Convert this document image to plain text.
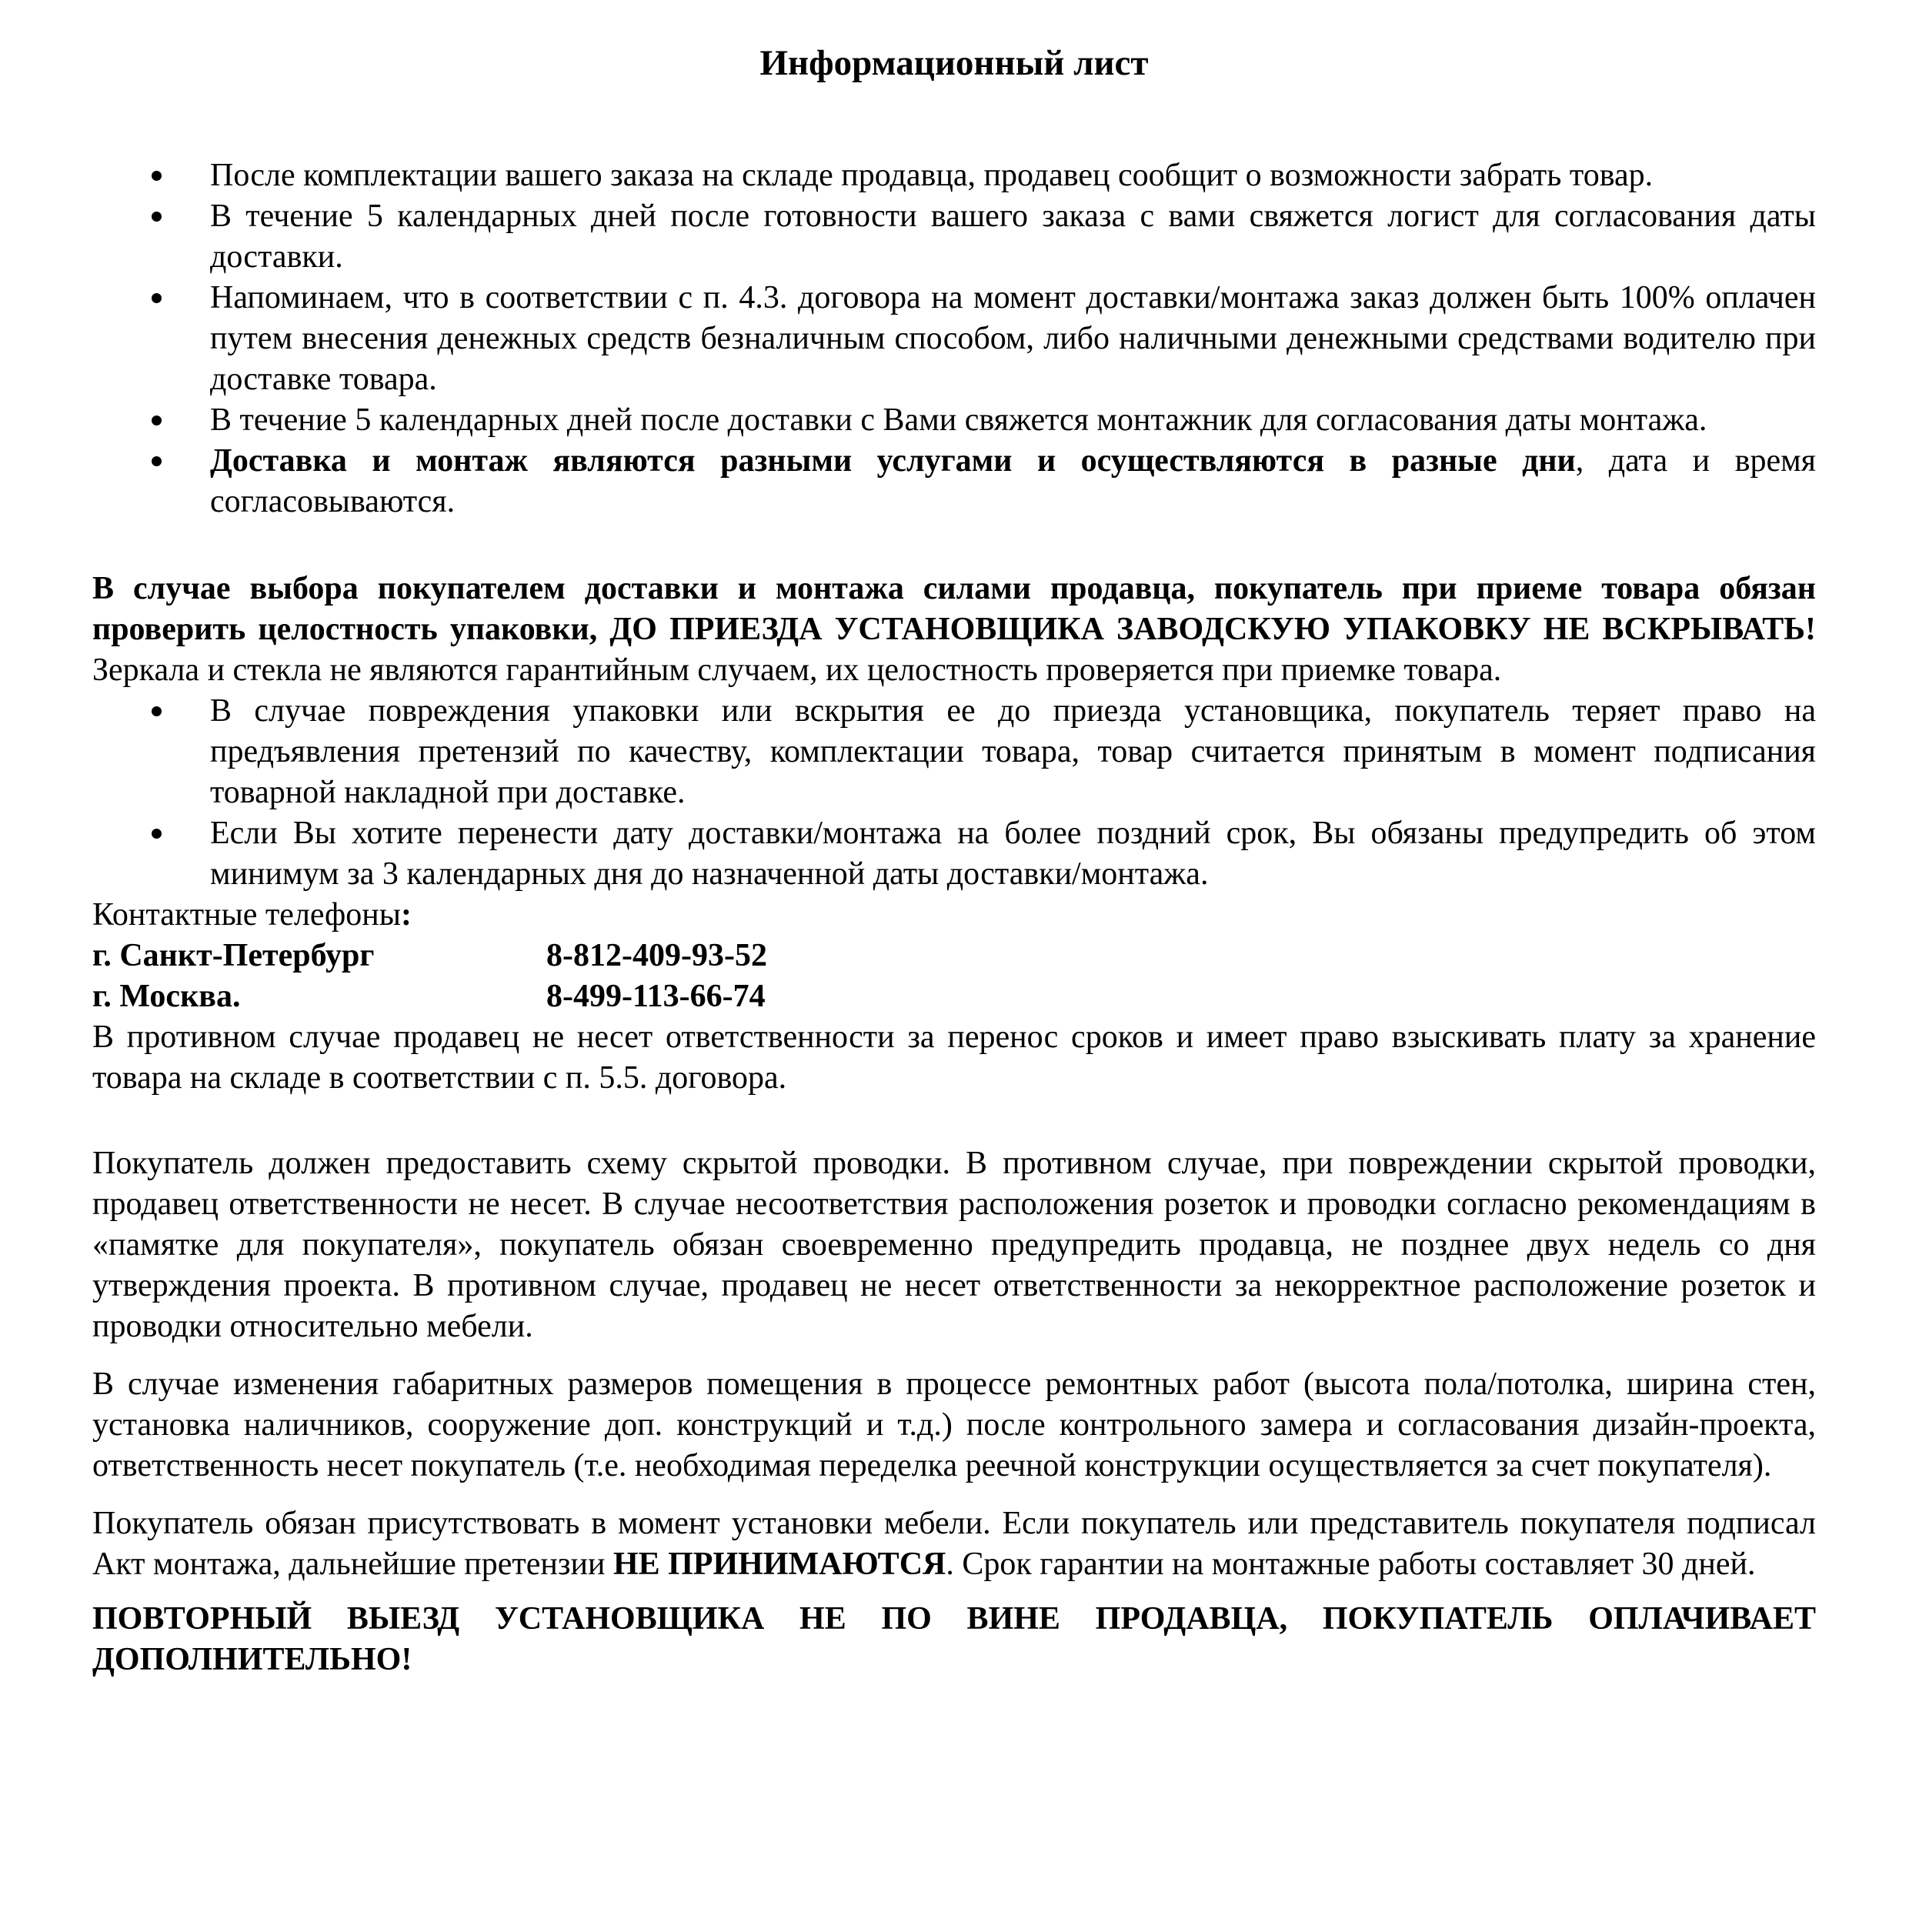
Информационный лист
После комплектации вашего заказа на складе продавца, продавец сообщит о возможности забрать товар.
В течение 5 календарных дней после готовности вашего заказа с вами свяжется логист для согласования даты доставки.
Напоминаем, что в соответствии с п. 4.3. договора на момент доставки/монтажа заказ должен быть 100% оплачен путем внесения денежных средств безналичным способом, либо наличными денежными средствами водителю при доставке товара.
В течение 5 календарных дней после доставки с Вами свяжется монтажник для согласования даты монтажа.
Доставка и монтаж являются разными услугами и осуществляются в разные дни, дата и время согласовываются.
В случае выбора покупателем доставки и монтажа силами продавца, покупатель при приеме товара обязан проверить целостность упаковки, ДО ПРИЕЗДА УСТАНОВЩИКА ЗАВОДСКУЮ УПАКОВКУ НЕ ВСКРЫВАТЬ! Зеркала и стекла не являются гарантийным случаем, их целостность проверяется при приемке товара.
В случае повреждения упаковки или вскрытия ее до приезда установщика, покупатель теряет право на предъявления претензий по качеству, комплектации товара, товар считается принятым в момент подписания товарной накладной при доставке.
Если Вы хотите перенести дату доставки/монтажа на более поздний срок, Вы обязаны предупредить об этом минимум за 3 календарных дня до назначенной даты доставки/монтажа.
Контактные телефоны:
г. Санкт-Петербург	8-812-409-93-52
г. Москва.	8-499-113-66-74
В противном случае продавец не несет ответственности за перенос сроков и имеет право взыскивать плату за хранение товара на складе в соответствии с п. 5.5. договора.
Покупатель должен предоставить схему скрытой проводки. В противном случае, при повреждении скрытой проводки, продавец ответственности не несет. В случае несоответствия расположения розеток и проводки согласно рекомендациям в «памятке для покупателя», покупатель обязан своевременно предупредить продавца, не позднее двух недель со дня утверждения проекта. В противном случае, продавец не несет ответственности за некорректное расположение розеток и проводки относительно мебели.
В случае изменения габаритных размеров помещения в процессе ремонтных работ (высота пола/потолка, ширина стен, установка наличников, сооружение доп. конструкций и т.д.) после контрольного замера и согласования дизайн-проекта, ответственность несет покупатель (т.е. необходимая переделка реечной конструкции осуществляется за счет покупателя).
Покупатель обязан присутствовать в момент установки мебели. Если покупатель или представитель покупателя подписал Акт монтажа, дальнейшие претензии НЕ ПРИНИМАЮТСЯ. Срок гарантии на монтажные работы составляет 30 дней.
ПОВТОРНЫЙ ВЫЕЗД УСТАНОВЩИКА НЕ ПО ВИНЕ ПРОДАВЦА, ПОКУПАТЕЛЬ ОПЛАЧИВАЕТ ДОПОЛНИТЕЛЬНО!
